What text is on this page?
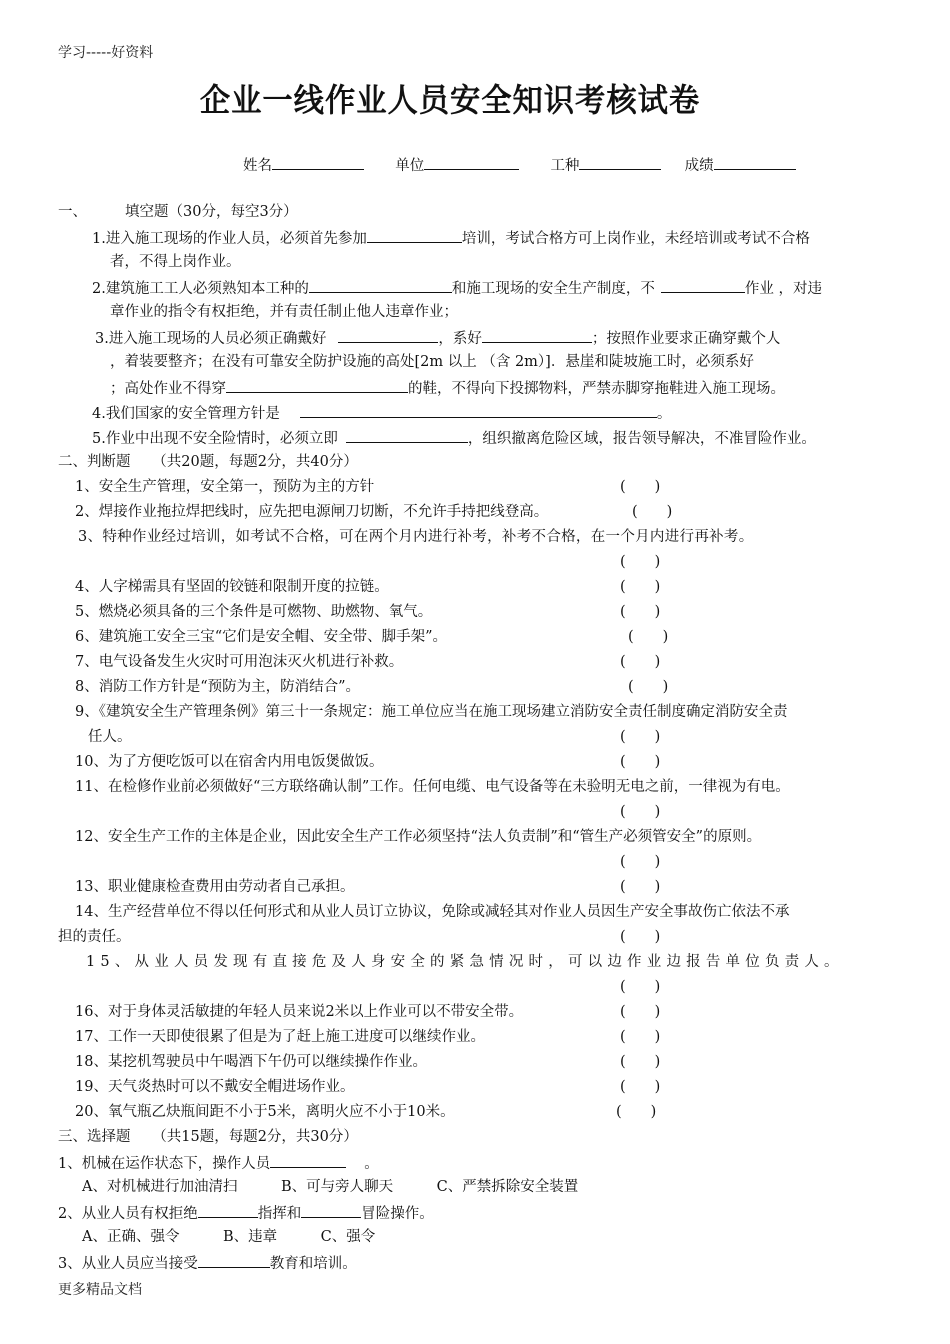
学习-----好资料
更多精品文档
企业一线作业人员安全知识考核试卷
姓名	单位	工种	成绩
一、	填空题（30分，每空3分）
1.进入施工现场的作业人员，必须首先参加	培训，考试合格方可上岗作业，未经培训或考试不合格
者，不得上岗作业。
2.建筑施工工人必须熟知本工种的	和施工现场的安全生产制度，不	作业 ，对违
章作业的指令有权拒绝，并有责任制止他人违章作业；
3.进入施工现场的人员必须正确戴好	，系好	；按照作业要求正确穿戴个人
，着装要整齐；在没有可靠安全防护设施的高处[2m 以上 （含 2m）]．悬崖和陡坡施工时，必须系好
；高处作业不得穿	的鞋，不得向下投掷物料，严禁赤脚穿拖鞋进入施工现场。
4.我们国家的安全管理方针是	。
5.作业中出现不安全险情时，必须立即	，组织撤离危险区域，报告领导解决，不准冒险作业。
二、判断题　　（共20题，每题2分，共40分）
1、安全生产管理，安全第一，预防为主的方针	(　　)
2、焊接作业拖拉焊把线时，应先把电源闸刀切断，不允许手持把线登高。	(　　)
3、特种作业经过培训，如考试不合格，可在两个月内进行补考，补考不合格，在一个月内进行再补考。
(　　)
4、人字梯需具有坚固的铰链和限制开度的拉链。	(　　)
5、燃烧必须具备的三个条件是可燃物、助燃物、氧气。	(　　)
6、建筑施工安全三宝“它们是安全帽、安全带、脚手架”。	(　　)
7、电气设备发生火灾时可用泡沫灭火机进行补救。	(　　)
8、消防工作方针是“预防为主，防消结合”。	(　　)
9、《建筑安全生产管理条例》第三十一条规定：施工单位应当在施工现场建立消防安全责任制度确定消防安全责
任人。	(　　)
10、为了方便吃饭可以在宿舍内用电饭煲做饭。	(　　)
11、在检修作业前必须做好“三方联络确认制”工作。任何电缆、电气设备等在未验明无电之前，一律视为有电。
(　　)
12、安全生产工作的主体是企业，因此安全生产工作必须坚持“法人负责制”和“管生产必须管安全”的原则。
(　　)
13、职业健康检查费用由劳动者自己承担。	(　　)
14、生产经营单位不得以任何形式和从业人员订立协议，免除或减轻其对作业人员因生产安全事故伤亡依法不承
担的责任。	(　　)
15、从业人员发现有直接危及人身安全的紧急情况时，可以边作业边报告单位负责人。
(　　)
16、对于身体灵活敏捷的年轻人员来说2米以上作业可以不带安全带。	(　　)
17、工作一天即使很累了但是为了赶上施工进度可以继续作业。	(　　)
18、某挖机驾驶员中午喝酒下午仍可以继续操作作业。	(　　)
19、天气炎热时可以不戴安全帽进场作业。	(　　)
20、氧气瓶乙炔瓶间距不小于5米，离明火应不小于10米。	(　　)
三、选择题　　（共15题，每题2分，共30分）
1、机械在运作状态下，操作人员	。
A、对机械进行加油清扫　　　B、可与旁人聊天　　　C、严禁拆除安全装置
2、从业人员有权拒绝	指挥和	冒险操作。
A、正确、强令　　　B、违章　　　C、强令
3、从业人员应当接受	教育和培训。
